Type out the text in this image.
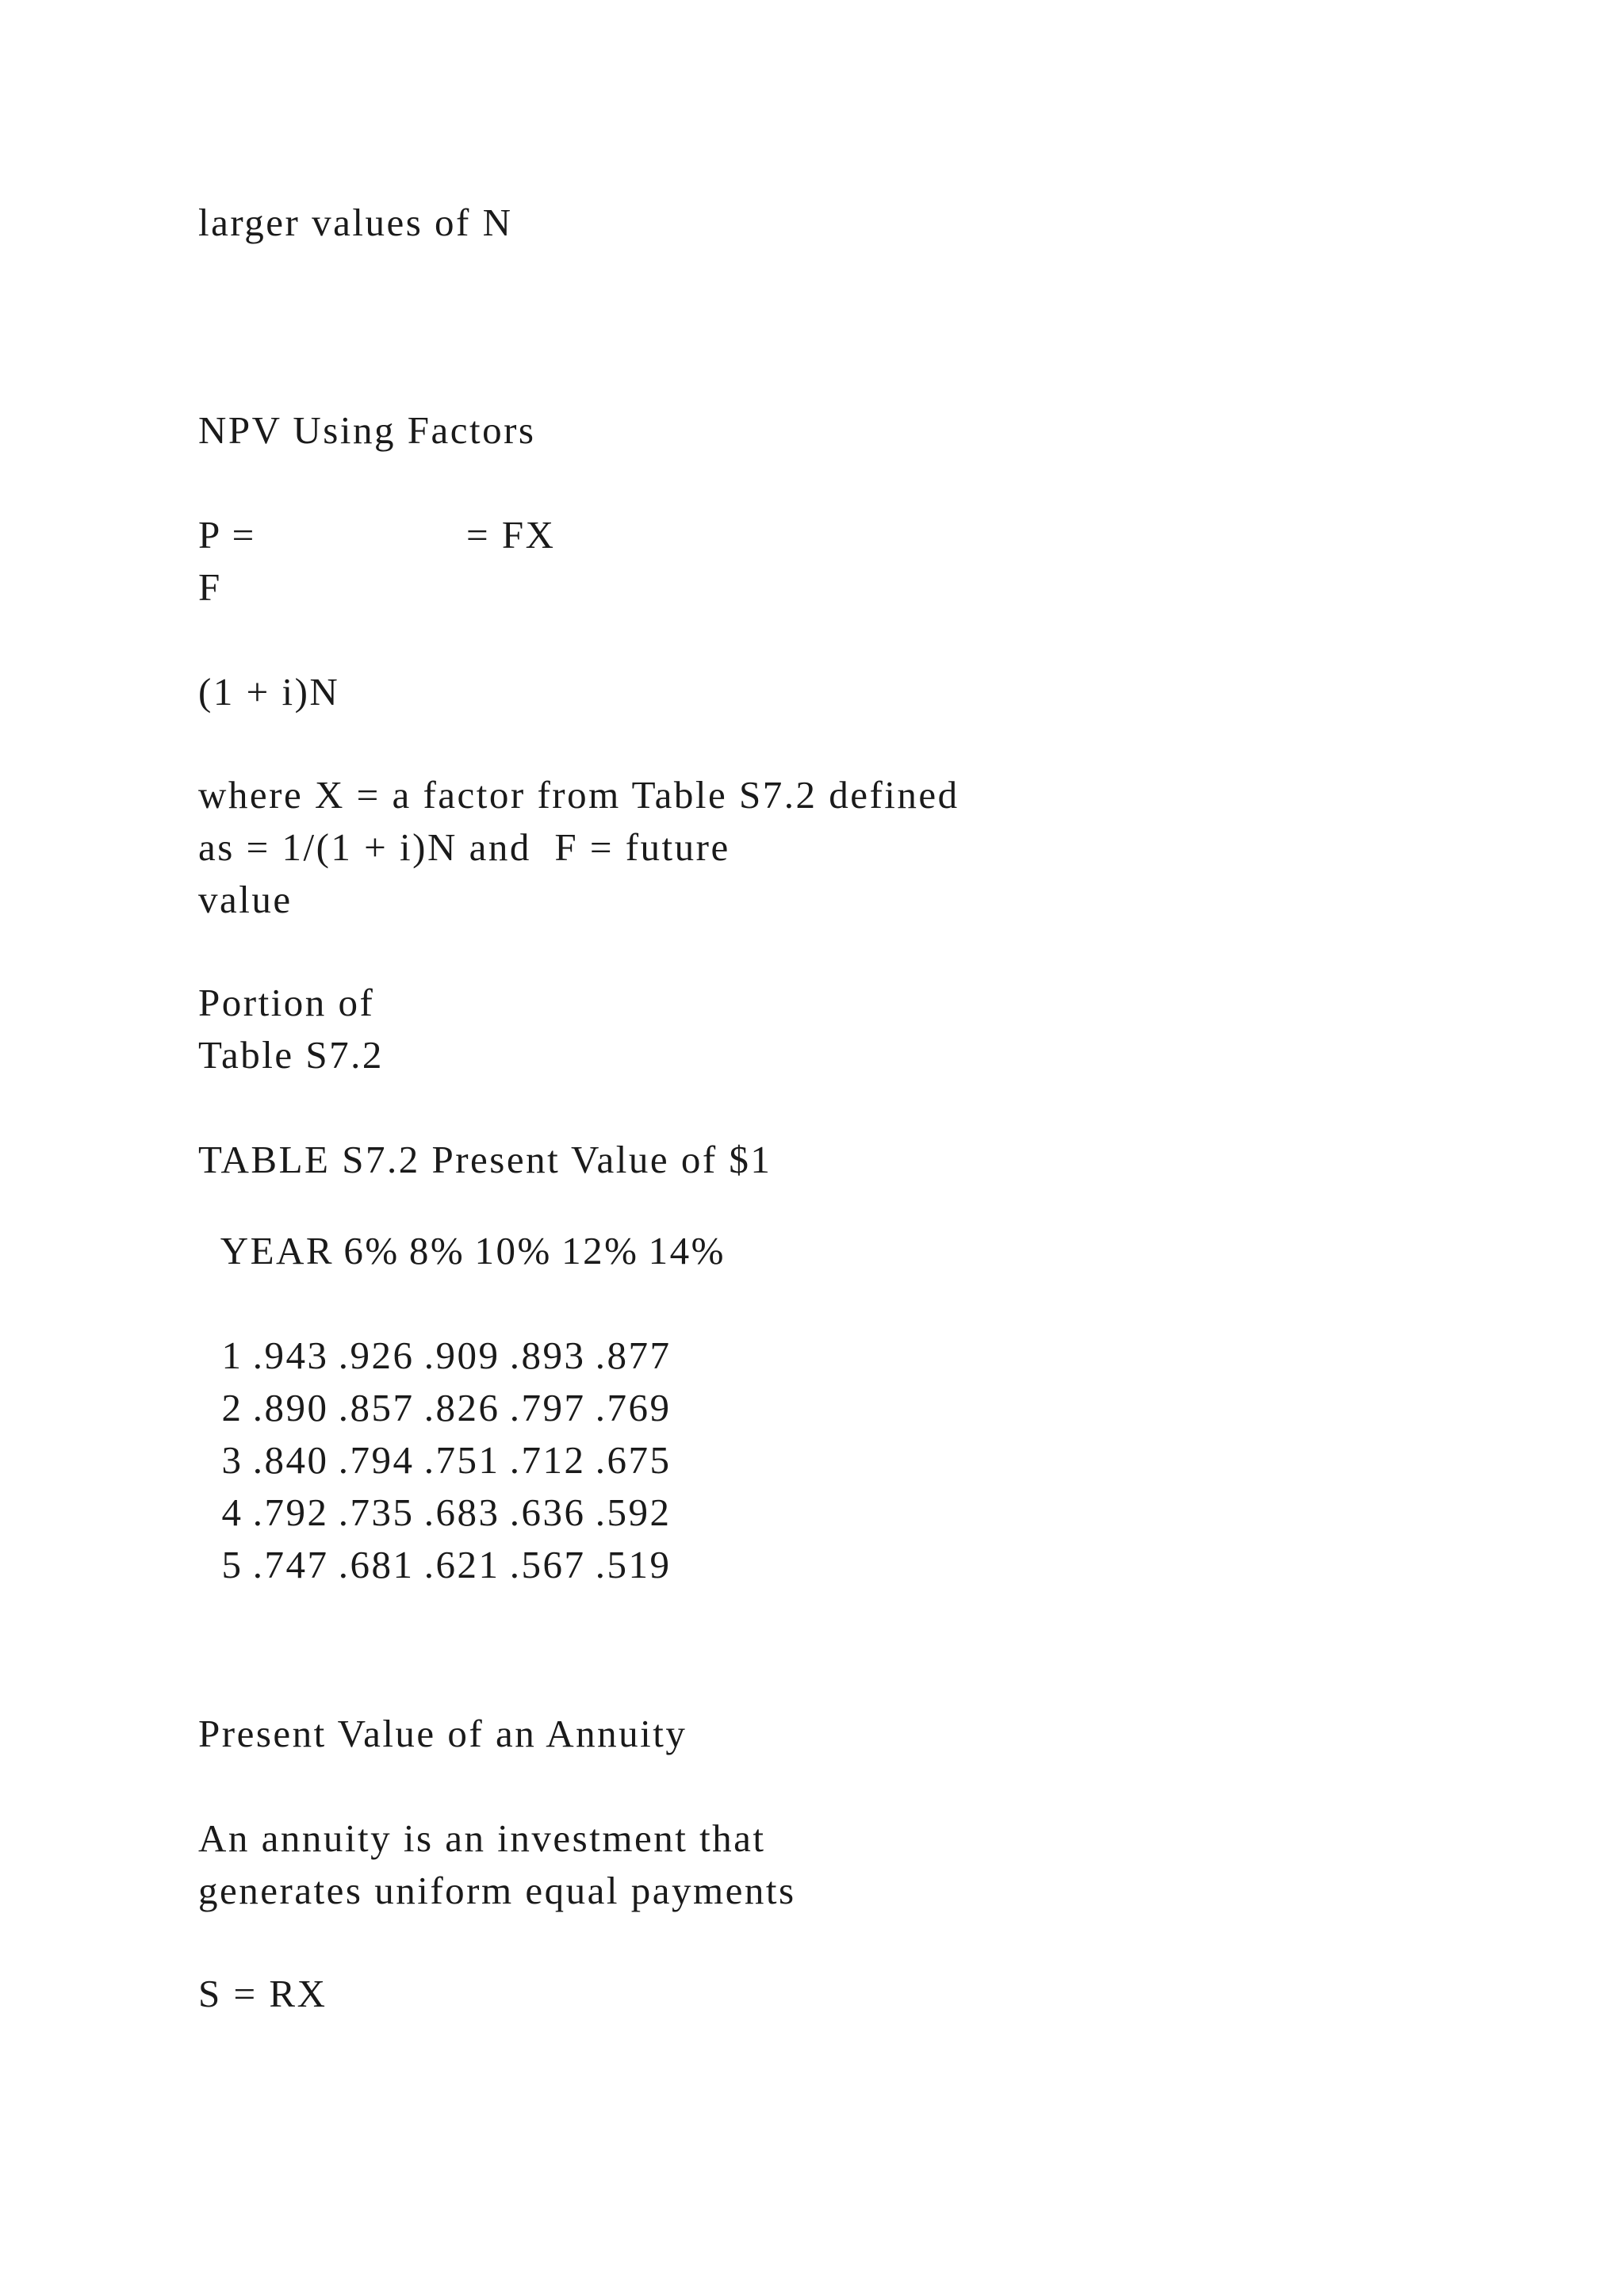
larger values of N
NPV Using Factors
P =	= FX
F
(1 + i)N
where X = a factor from Table S7.2 defined
as = 1/(1 + i)N and  F = future
value
Portion of
Table S7.2
TABLE S7.2 Present Value of $1

YEAR 6% 8% 10% 12% 14%

1 .943 .926 .909 .893 .877

2 .890 .857 .826 .797 .769

3 .840 .794 .751 .712 .675

4 .792 .735 .683 .636 .592

5 .747 .681 .621 .567 .519

Present Value of an Annuity
An annuity is an investment that
generates uniform equal payments
S = RX
